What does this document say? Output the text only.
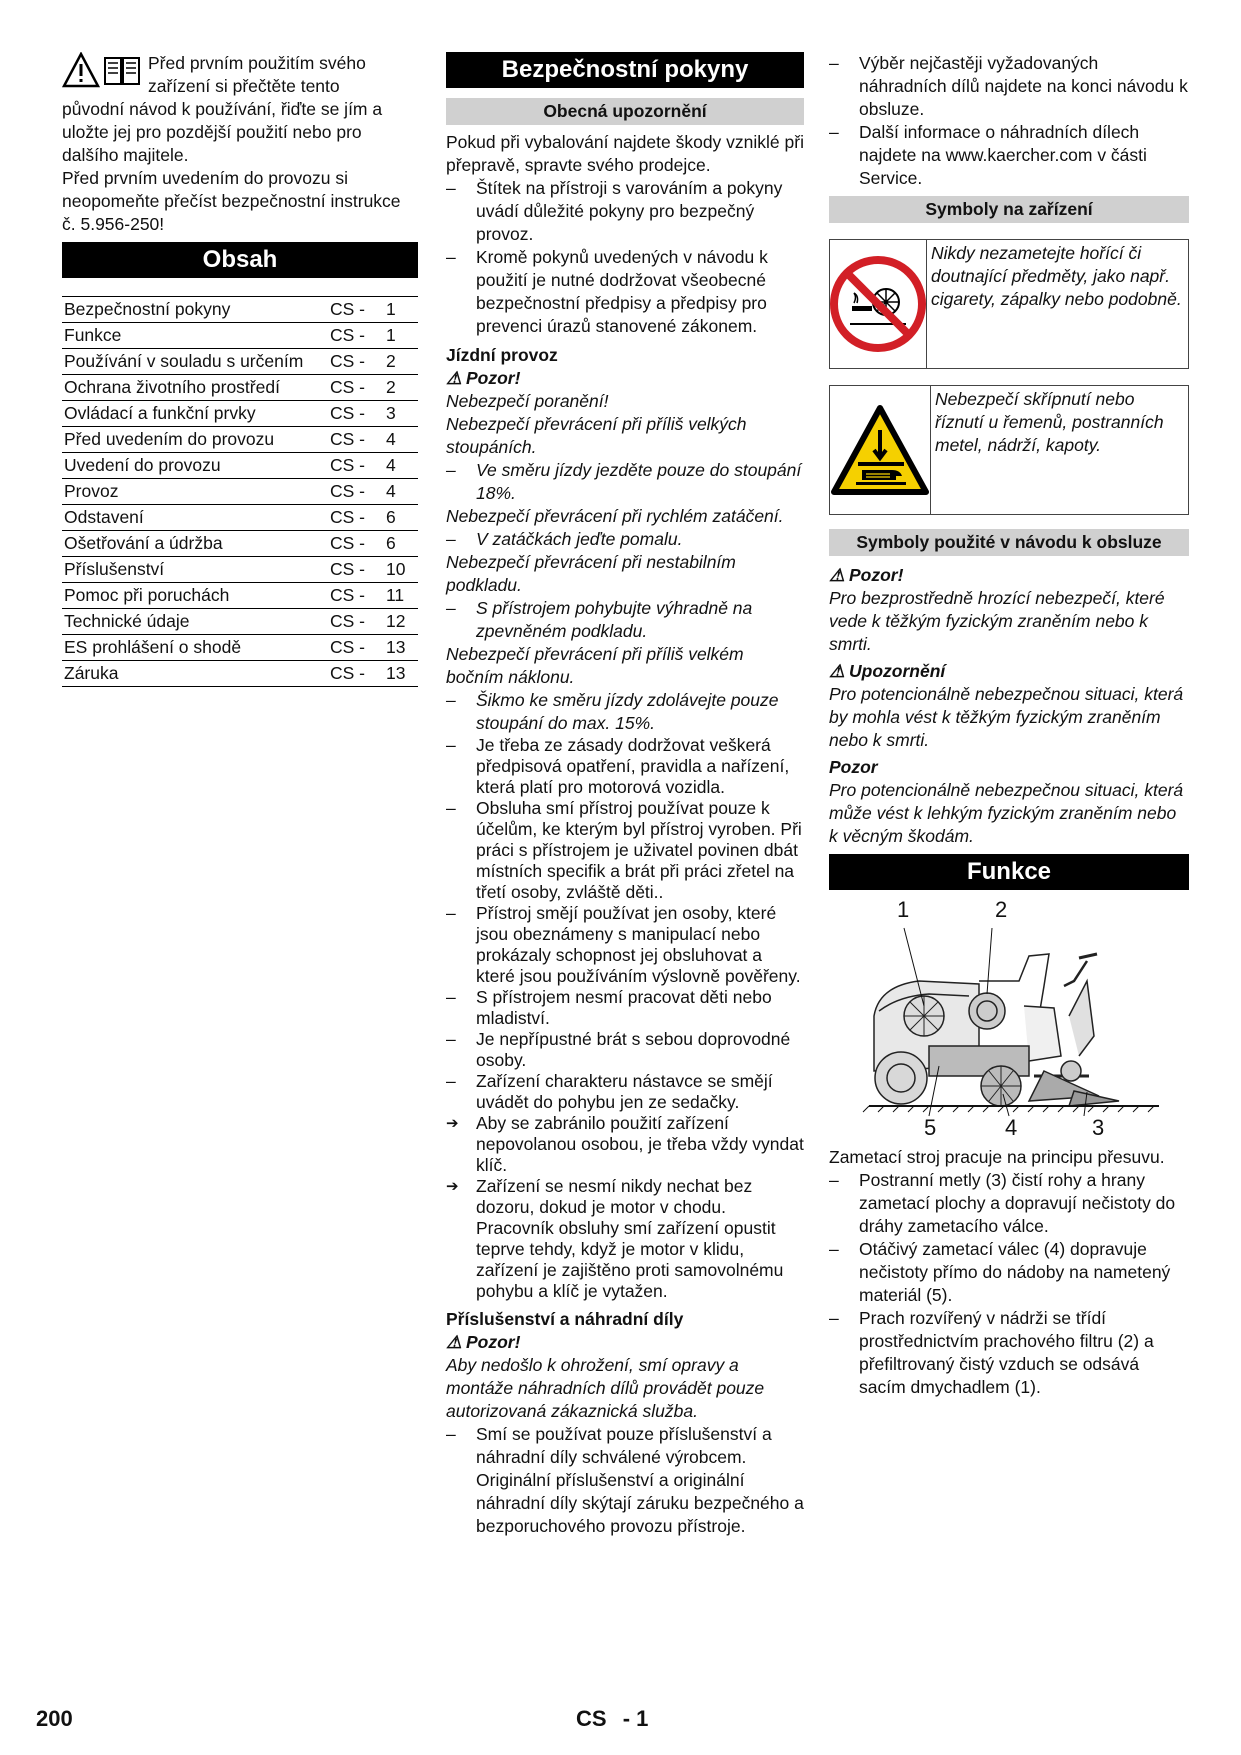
Před prvním použitím svého

zařízení si přečtěte tento

původní návod k používání, řiďte se jím a uložte jej pro pozdější použití nebo pro dalšího majitele.

Před prvním uvedením do provozu si neopomeňte přečíst bezpečnostní instrukce č. 5.956-250!

Obsah
Bezpečnostní pokyny	CS -	1
Funkce	CS -	1
Používání v souladu s určením	CS -	2
Ochrana životního prostředí	CS -	2
Ovládací a funkční prvky	CS -	3
Před uvedením do provozu	CS -	4
Uvedení do provozu	CS -	4
Provoz	CS -	4
Odstavení	CS -	6
Ošetřování a údržba	CS -	6
Příslušenství	CS -	10
Pomoc při poruchách	CS -	11
Technické údaje	CS -	12
ES prohlášení o shodě	CS -	13
Záruka	CS -	13
Bezpečnostní pokyny
Obecná upozornění

Pokud při vybalování najdete škody vzniklé při přepravě, spravte svého prodejce.

– Štítek na přístroji s varováním a pokyny uvádí důležité pokyny pro bezpečný provoz.
– Kromě pokynů uvedených v návodu k použití je nutné dodržovat všeobecné bezpečnostní předpisy a předpisy pro prevenci úrazů stanovené zákonem.

Jízdní provoz

⚠ Pozor!

Nebezpečí poranění!

Nebezpečí převrácení při příliš velkých stoupáních.

– Ve směru jízdy jezděte pouze do stoupání 18%.

Nebezpečí převrácení při rychlém zatáčení.

– V zatáčkách jeďte pomalu.

Nebezpečí převrácení při nestabilním podkladu.

– S přístrojem pohybujte výhradně na zpevněném podkladu.

Nebezpečí převrácení při příliš velkém bočním náklonu.

– Šikmo ke směru jízdy zdolávejte pouze stoupání do max. 15%.
– Je třeba ze zásady dodržovat veškerá předpisová opatření, pravidla a nařízení, která platí pro motorová vozidla.
– Obsluha smí přístroj používat pouze k účelům, ke kterým byl přístroj vyroben. Při práci s přístrojem je uživatel povinen dbát místních specifik a brát při práci zřetel na třetí osoby, zvláště děti..
– Přístroj smějí používat jen osoby, které jsou obeznámeny s manipulací nebo prokázaly schopnost jej obsluhovat a které jsou používáním výslovně pověřeny.
– S přístrojem nesmí pracovat děti nebo mladiství.
– Je nepřípustné brát s sebou doprovodné osoby.
– Zařízení charakteru nástavce se smějí uvádět do pohybu jen ze sedačky.
➔ Aby se zabránilo použití zařízení nepovolanou osobou, je třeba vždy vyndat klíč.
➔ Zařízení se nesmí nikdy nechat bez dozoru, dokud je motor v chodu. Pracovník obsluhy smí zařízení opustit teprve tehdy, když je motor v klidu, zařízení je zajištěno proti samovolnému pohybu a klíč je vytažen.

Příslušenství a náhradní díly

⚠ Pozor!

Aby nedošlo k ohrožení, smí opravy a montáže náhradních dílů provádět pouze autorizovaná zákaznická služba.

– Smí se používat pouze příslušenství a náhradní díly schválené výrobcem. Originální příslušenství a originální náhradní díly skýtají záruku bezpečného a bezporuchového provozu přístroje.
– Výběr nejčastěji vyžadovaných náhradních dílů najdete na konci návodu k obsluze.
– Další informace o náhradních dílech najdete na www.kaercher.com v části Service.
Symboly na zařízení
Nikdy nezametejte hořící či doutnající předměty, jako např. cigarety, zápalky nebo podobně.
Nebezpečí skřípnutí nebo říznutí u řemenů, postranních metel, nádrží, kapoty.
Symboly použité v návodu k obsluze

⚠ Pozor!

Pro bezprostředně hrozící nebezpečí, které vede k těžkým fyzickým zraněním nebo k smrti.

⚠ Upozornění

Pro potencionálně nebezpečnou situaci, která by mohla vést k těžkým fyzickým zraněním nebo k smrti.

Pozor

Pro potencionálně nebezpečnou situaci, která může vést k lehkým fyzickým zraněním nebo k věcným škodám.

Funkce
1	2
3
4
5

Zametací stroj pracuje na principu přesuvu.

– Postranní metly (3) čistí rohy a hrany zametací plochy a dopravují nečistoty do dráhy zametacího válce.
– Otáčivý zametací válec (4) dopravuje nečistoty přímo do nádoby na nametený materiál (5).
– Prach rozvířený v nádrži se třídí prostřednictvím prachového filtru (2) a přefiltrovaný čistý vzduch se odsává sacím dmychadlem (1).
200	CS - 1
